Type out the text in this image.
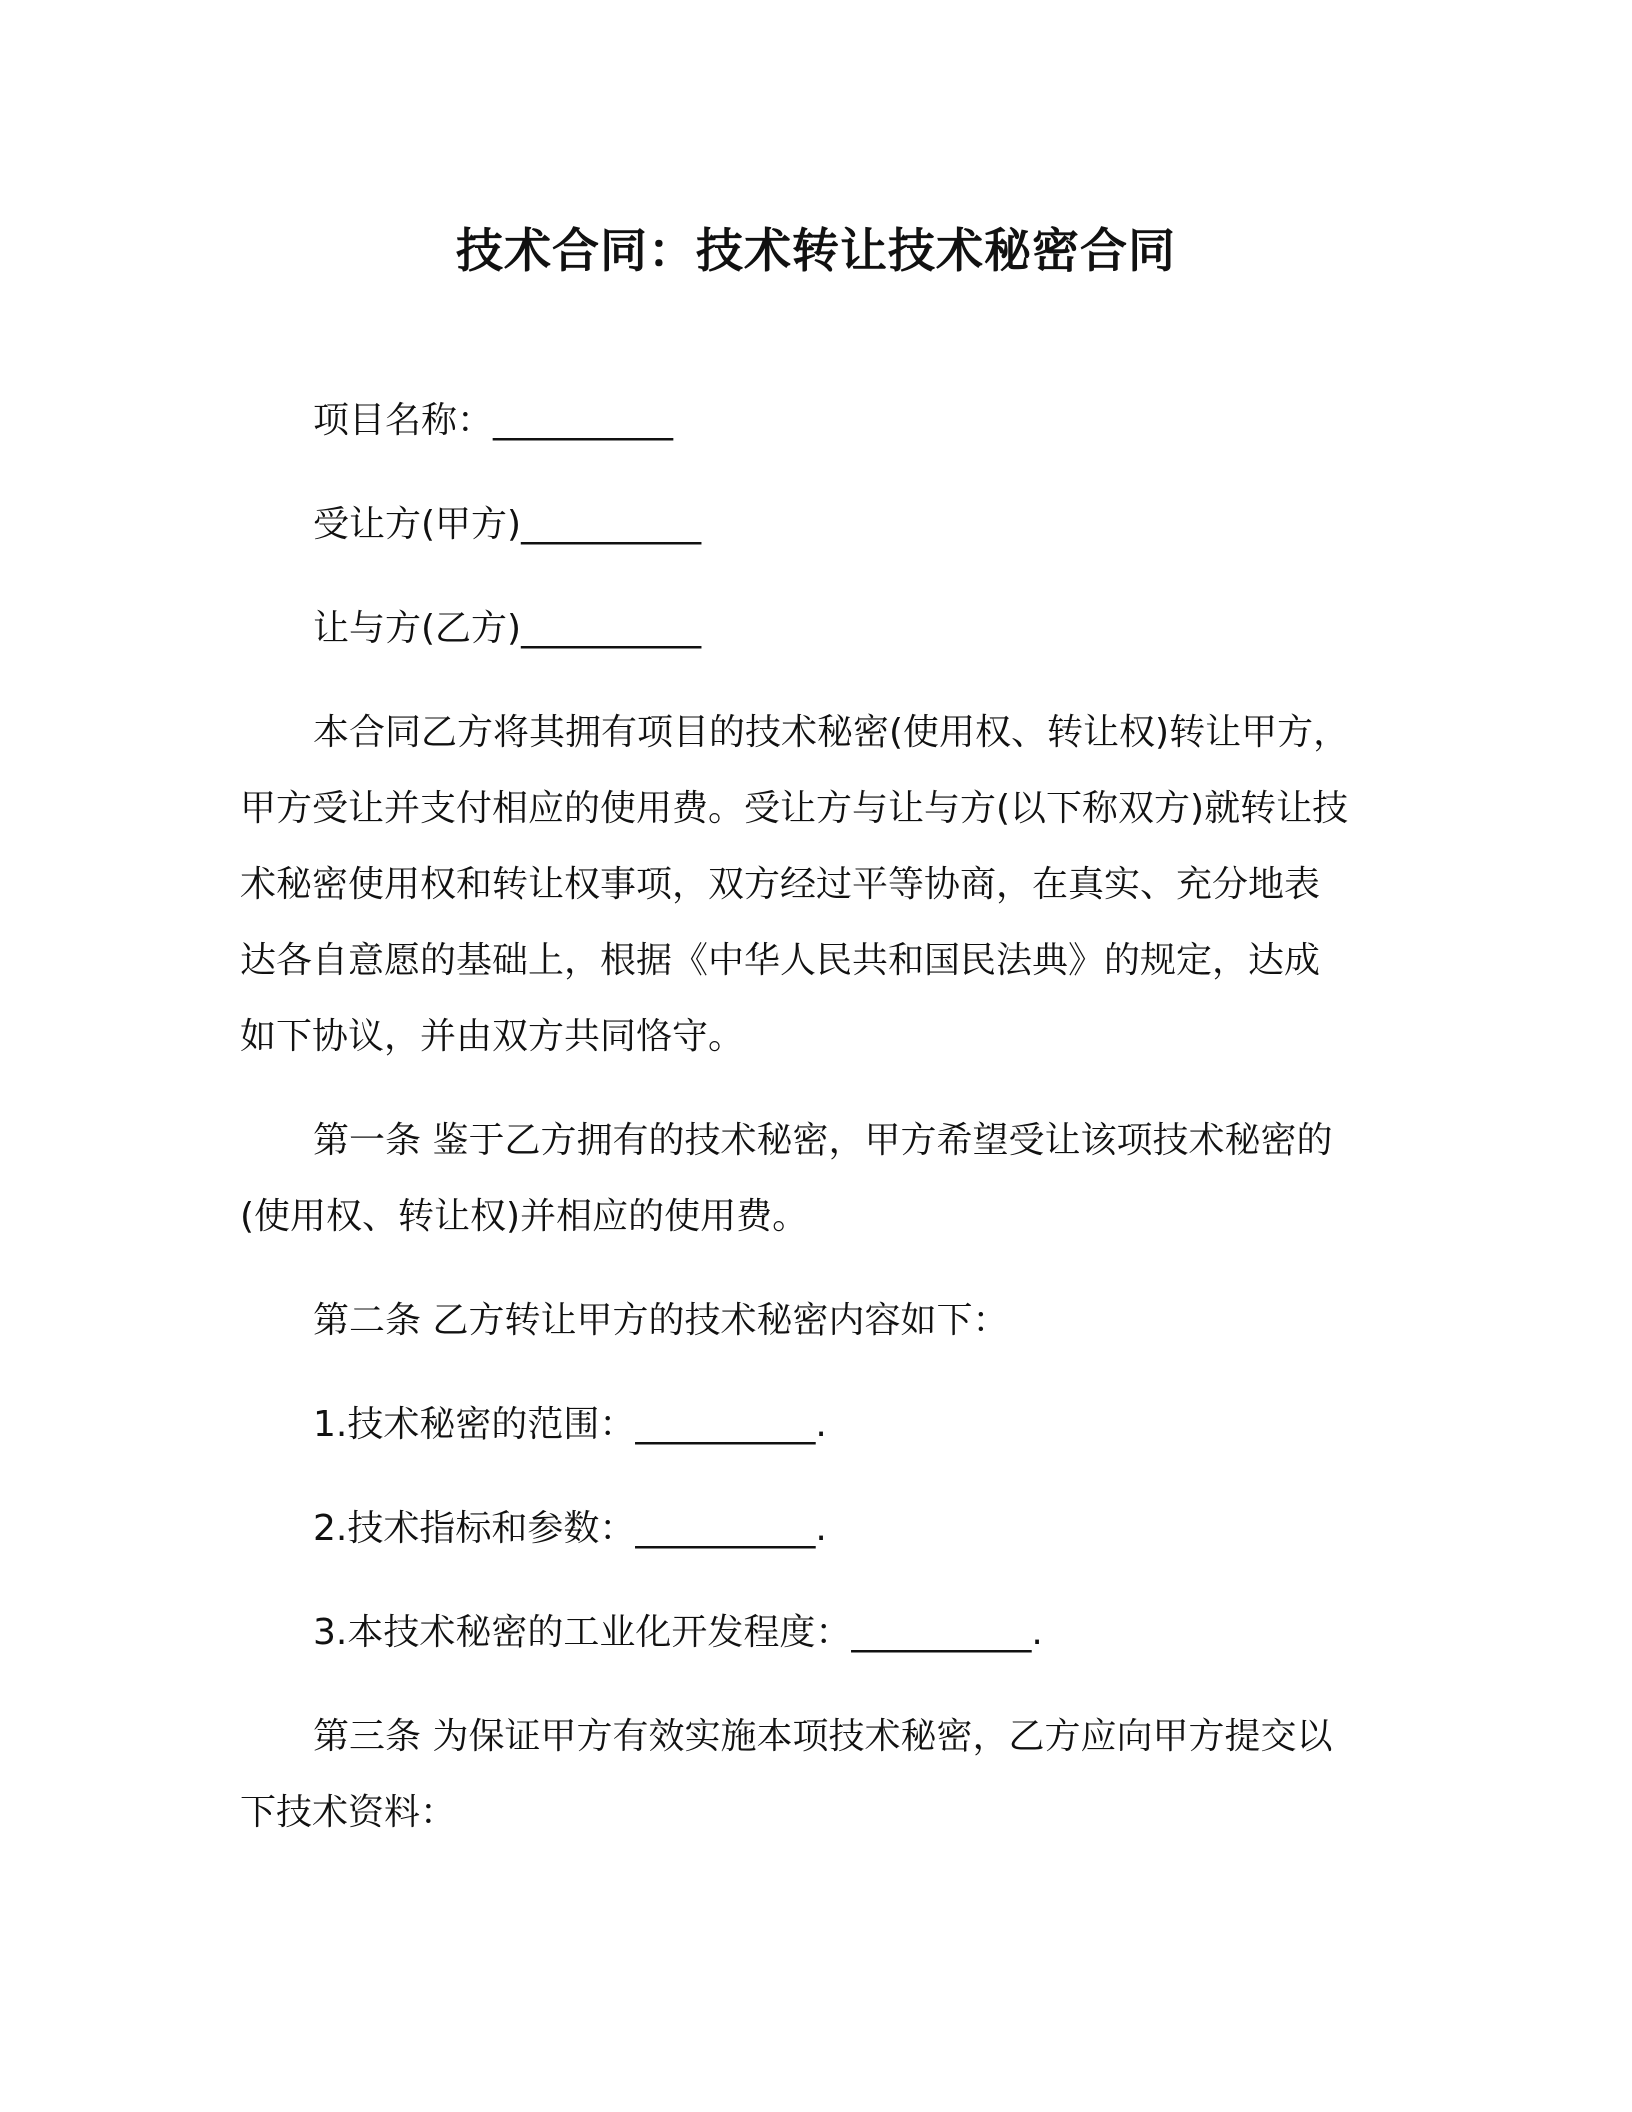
技术合同：技术转让技术秘密合同
项目名称：__________
受让方(甲方)__________
让与方(乙方)__________
本合同乙方将其拥有项目的技术秘密(使用权、转让权)转让甲方，
甲方受让并支付相应的使用费。受让方与让与方(以下称双方)就转让技
术秘密使用权和转让权事项，双方经过平等协商，在真实、充分地表
达各自意愿的基础上，根据《中华人民共和国民法典》的规定，达成
如下协议，并由双方共同恪守。
第一条 鉴于乙方拥有的技术秘密，甲方希望受让该项技术秘密的
(使用权、转让权)并相应的使用费。
第二条 乙方转让甲方的技术秘密内容如下：
1.技术秘密的范围：__________.
2.技术指标和参数：__________.
3.本技术秘密的工业化开发程度：__________.
第三条 为保证甲方有效实施本项技术秘密，乙方应向甲方提交以
下技术资料：
